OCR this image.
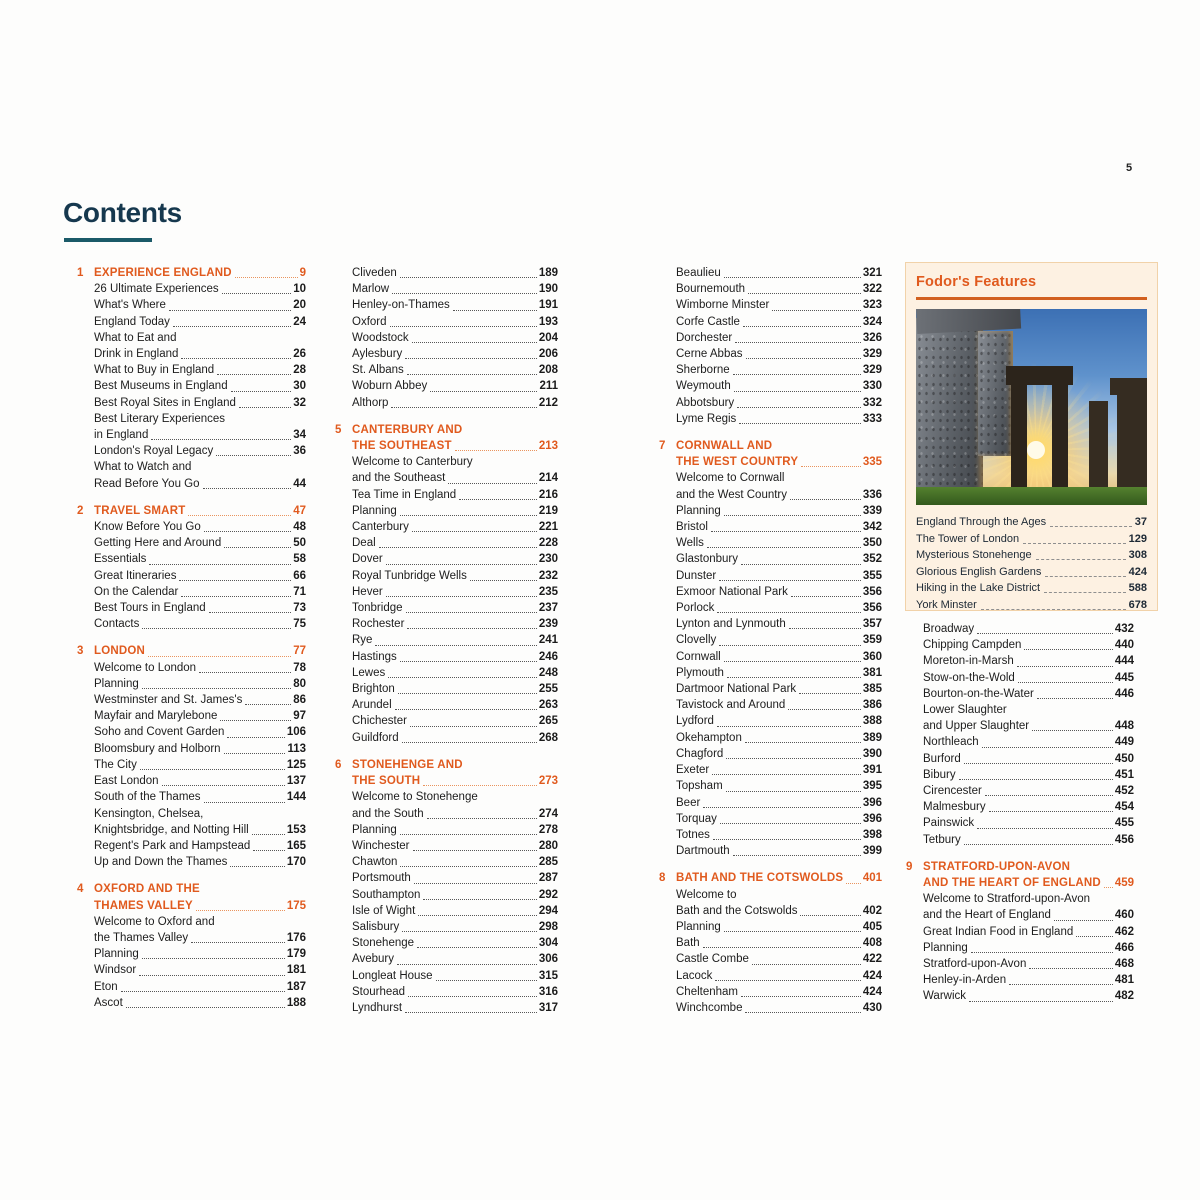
5
Contents
EXPERIENCE ENGLAND	9
1
26 Ultimate Experiences	10
What's Where	20
England Today	24
What to Eat and
Drink in England	26
What to Buy in England	28
Best Museums in England	30
Best Royal Sites in England	32
Best Literary Experiences
in England	34
London's Royal Legacy	36
What to Watch and
Read Before You Go	44
TRAVEL SMART	47
2
Know Before You Go	48
Getting Here and Around	50
Essentials	58
Great Itineraries	66
On the Calendar	71
Best Tours in England	73
Contacts	75
LONDON	77
3
Welcome to London	78
Planning	80
Westminster and St. James's	86
Mayfair and Marylebone	97
Soho and Covent Garden	106
Bloomsbury and Holborn	113
The City	125
East London	137
South of the Thames	144
Kensington, Chelsea,
Knightsbridge, and Notting Hill	153
Regent's Park and Hampstead	165
Up and Down the Thames	170
OXFORD AND THE
4
THAMES VALLEY	175
Welcome to Oxford and
the Thames Valley	176
Planning	179
Windsor	181
Eton	187
Ascot	188
Cliveden	189
Marlow	190
Henley-on-Thames	191
Oxford	193
Woodstock	204
Aylesbury	206
St. Albans	208
Woburn Abbey	211
Althorp	212
CANTERBURY AND
5
THE SOUTHEAST	213
Welcome to Canterbury
and the Southeast	214
Tea Time in England	216
Planning	219
Canterbury	221
Deal	228
Dover	230
Royal Tunbridge Wells	232
Hever	235
Tonbridge	237
Rochester	239
Rye	241
Hastings	246
Lewes	248
Brighton	255
Arundel	263
Chichester	265
Guildford	268
STONEHENGE AND
6
THE SOUTH	273
Welcome to Stonehenge
and the South	274
Planning	278
Winchester	280
Chawton	285
Portsmouth	287
Southampton	292
Isle of Wight	294
Salisbury	298
Stonehenge	304
Avebury	306
Longleat House	315
Stourhead	316
Lyndhurst	317
Beaulieu	321
Bournemouth	322
Wimborne Minster	323
Corfe Castle	324
Dorchester	326
Cerne Abbas	329
Sherborne	329
Weymouth	330
Abbotsbury	332
Lyme Regis	333
CORNWALL AND
7
THE WEST COUNTRY	335
Welcome to Cornwall
and the West Country	336
Planning	339
Bristol	342
Wells	350
Glastonbury	352
Dunster	355
Exmoor National Park	356
Porlock	356
Lynton and Lynmouth	357
Clovelly	359
Cornwall	360
Plymouth	381
Dartmoor National Park	385
Tavistock and Around	386
Lydford	388
Okehampton	389
Chagford	390
Exeter	391
Topsham	395
Beer	396
Torquay	396
Totnes	398
Dartmouth	399
BATH AND THE COTSWOLDS 401
8
Welcome to
Bath and the Cotswolds	402
Planning	405
Bath	408
Castle Combe	422
Lacock	424
Cheltenham	424
Winchcombe	430
Fodor's Features
England Through the Ages	37
The Tower of London	129
Mysterious Stonehenge	308
Glorious English Gardens	424
Hiking in the Lake District	588
York Minster	678
Broadway	432
Chipping Campden	440
Moreton-in-Marsh	444
Stow-on-the-Wold	445
Bourton-on-the-Water	446
Lower Slaughter
and Upper Slaughter	448
Northleach	449
Burford	450
Bibury	451
Cirencester	452
Malmesbury	454
Painswick	455
Tetbury	456
STRATFORD-UPON-AVON
9
AND THE HEART OF ENGLAND 459
Welcome to Stratford-upon-Avon
and the Heart of England	460
Great Indian Food in England	462
Planning	466
Stratford-upon-Avon	468
Henley-in-Arden	481
Warwick	482
